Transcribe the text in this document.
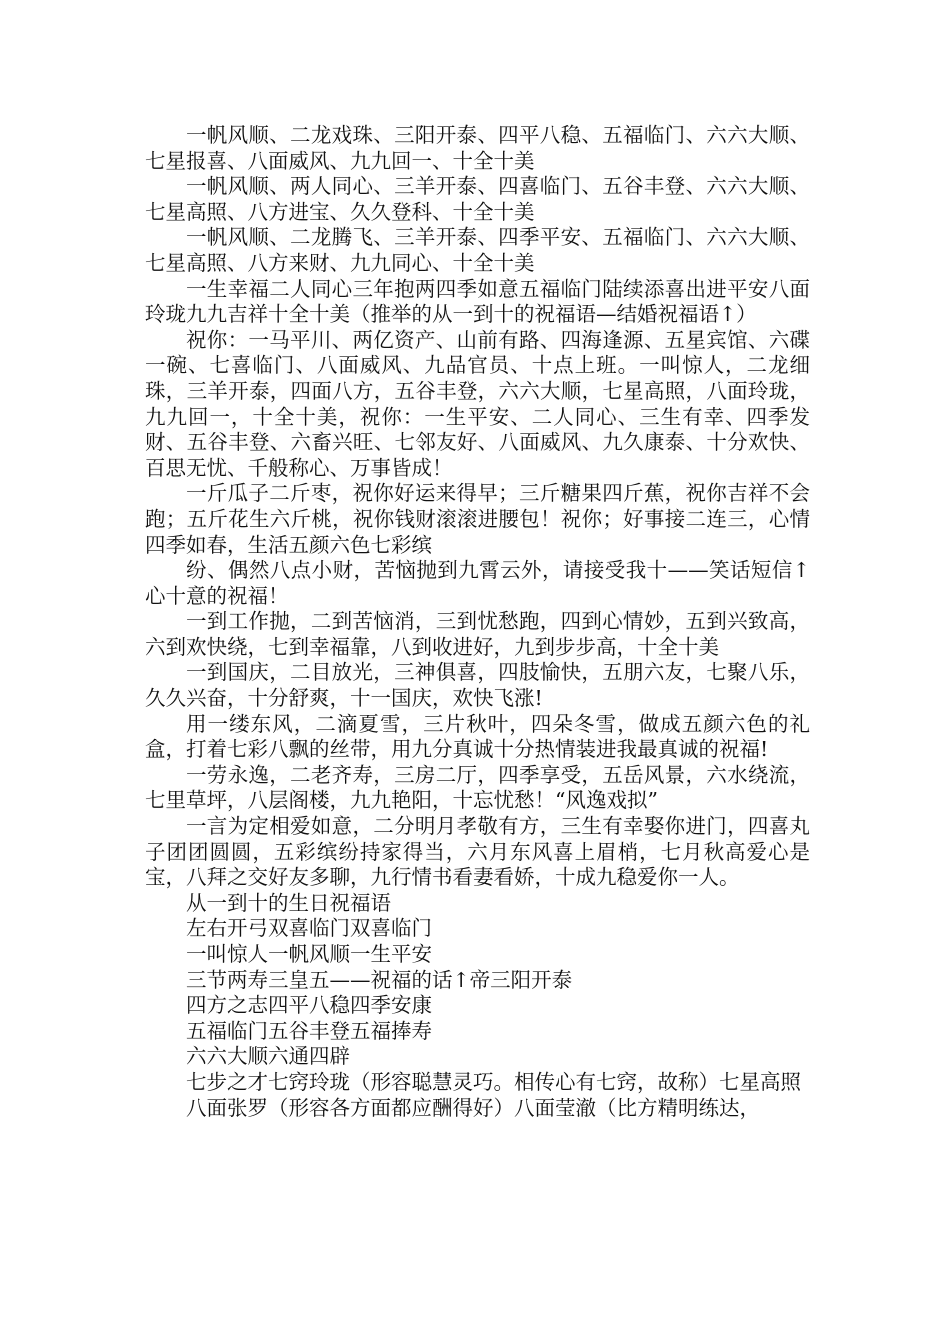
一帆风顺、二龙戏珠、三阳开泰、四平八稳、五福临门、六六大顺、七星报喜、八面威风、九九回一、十全十美

一帆风顺、两人同心、三羊开泰、四喜临门、五谷丰登、六六大顺、七星高照、八方进宝、久久登科、十全十美

一帆风顺、二龙腾飞、三羊开泰、四季平安、五福临门、六六大顺、七星高照、八方来财、九九同心、十全十美

一生幸福二人同心三年抱两四季如意五福临门陆续添喜出进平安八面玲珑九九吉祥十全十美（推举的从一到十的祝福语—结婚祝福语↑）

祝你：一马平川、两亿资产、山前有路、四海逢源、五星宾馆、六碟一碗、七喜临门、八面威风、九品官员、十点上班。一叫惊人，二龙细珠，三羊开泰，四面八方，五谷丰登，六六大顺，七星高照，八面玲珑，九九回一，十全十美，祝你：一生平安、二人同心、三生有幸、四季发财、五谷丰登、六畜兴旺、七邻友好、八面威风、九久康泰、十分欢快、百思无忧、千般称心、万事皆成！

一斤瓜子二斤枣，祝你好运来得早；三斤糖果四斤蕉，祝你吉祥不会跑；五斤花生六斤桃，祝你钱财滚滚进腰包！祝你；好事接二连三，心情四季如春，生活五颜六色七彩缤

纷、偶然八点小财，苦恼抛到九霄云外，请接受我十——笑话短信↑心十意的祝福！

一到工作抛，二到苦恼消，三到忧愁跑，四到心情妙，五到兴致高，六到欢快绕，七到幸福靠，八到收进好，九到步步高，十全十美

一到国庆，二目放光，三神俱喜，四肢愉快，五朋六友，七聚八乐，久久兴奋，十分舒爽，十一国庆，欢快飞涨!

用一缕东风，二滴夏雪，三片秋叶，四朵冬雪，做成五颜六色的礼盒，打着七彩八飘的丝带，用九分真诚十分热情装进我最真诚的祝福!

一劳永逸，二老齐寿，三房二厅，四季享受，五岳风景，六水绕流，七里草坪，八层阁楼，九九艳阳，十忘忧愁！“风逸戏拟”

一言为定相爱如意，二分明月孝敬有方，三生有幸娶你进门，四喜丸子团团圆圆，五彩缤纷持家得当，六月东风喜上眉梢，七月秋高爱心是宝，八拜之交好友多聊，九行情书看妻看娇，十成九稳爱你一人。

从一到十的生日祝福语

左右开弓双喜临门双喜临门

一叫惊人一帆风顺一生平安

三节两寿三皇五——祝福的话↑帝三阳开泰

四方之志四平八稳四季安康

五福临门五谷丰登五福捧寿

六六大顺六通四辟

七步之才七窍玲珑（形容聪慧灵巧。相传心有七窍，故称）七星高照

八面张罗（形容各方面都应酬得好）八面莹澈（比方精明练达，
